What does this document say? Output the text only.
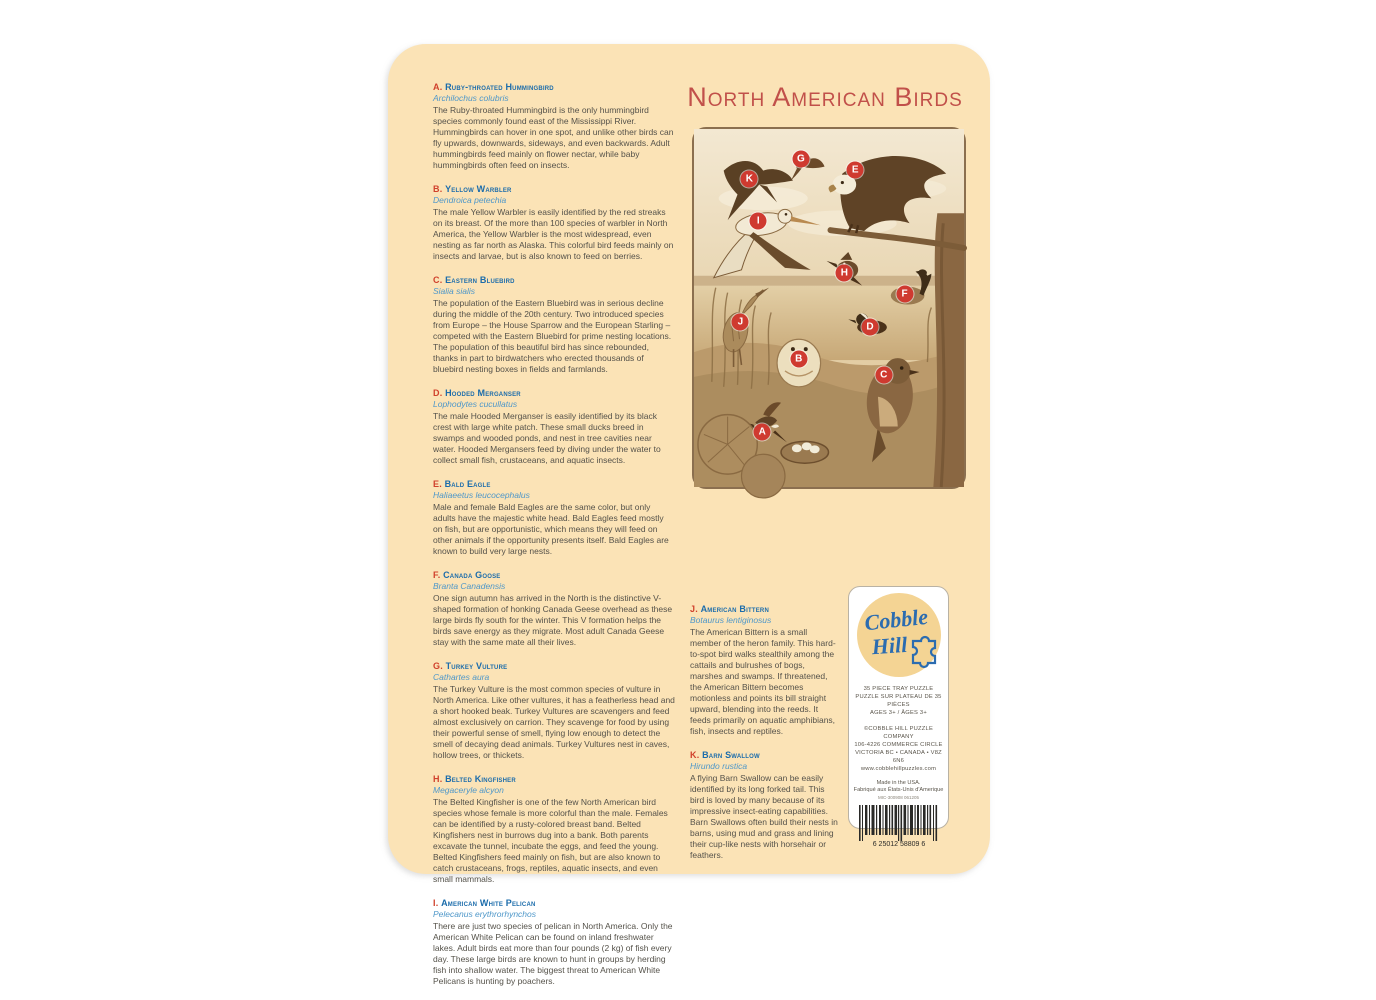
A. Ruby-throated Hummingbird
Archilochus colubris
The Ruby-throated Hummingbird is the only hummingbird species commonly found east of the Mississippi River. Hummingbirds can hover in one spot, and unlike other birds can fly upwards, downwards, sideways, and even backwards. Adult hummingbirds feed mainly on flower nectar, while baby hummingbirds often feed on insects.
B. Yellow Warbler
Dendroica petechia
The male Yellow Warbler is easily identified by the red streaks on its breast. Of the more than 100 species of warbler in North America, the Yellow Warbler is the most widespread, even nesting as far north as Alaska. This colorful bird feeds mainly on insects and larvae, but is also known to feed on berries.
C. Eastern Bluebird
Sialia sialis
The population of the Eastern Bluebird was in serious decline during the middle of the 20th century. Two introduced species from Europe – the House Sparrow and the European Starling – competed with the Eastern Bluebird for prime nesting locations. The population of this beautiful bird has since rebounded, thanks in part to birdwatchers who erected thousands of bluebird nesting boxes in fields and farmlands.
D. Hooded Merganser
Lophodytes cucullatus
The male Hooded Merganser is easily identified by its black crest with large white patch. These small ducks breed in swamps and wooded ponds, and nest in tree cavities near water. Hooded Mergansers feed by diving under the water to collect small fish, crustaceans, and aquatic insects.
E. Bald Eagle
Haliaeetus leucocephalus
Male and female Bald Eagles are the same color, but only adults have the majestic white head. Bald Eagles feed mostly on fish, but are opportunistic, which means they will feed on other animals if the opportunity presents itself. Bald Eagles are known to build very large nests.
F. Canada Goose
Branta Canadensis
One sign autumn has arrived in the North is the distinctive V-shaped formation of honking Canada Geese overhead as these large birds fly south for the winter. This V formation helps the birds save energy as they migrate. Most adult Canada Geese stay with the same mate all their lives.
G. Turkey Vulture
Cathartes aura
The Turkey Vulture is the most common species of vulture in North America. Like other vultures, it has a featherless head and a short hooked beak. Turkey Vultures are scavengers and feed almost exclusively on carrion. They scavenge for food by using their powerful sense of smell, flying low enough to detect the smell of decaying dead animals. Turkey Vultures nest in caves, hollow trees, or thickets.
H. Belted Kingfisher
Megaceryle alcyon
The Belted Kingfisher is one of the few North American bird species whose female is more colorful than the male. Females can be identified by a rusty-colored breast band. Belted Kingfishers nest in burrows dug into a bank. Both parents excavate the tunnel, incubate the eggs, and feed the young. Belted Kingfishers feed mainly on fish, but are also known to catch crustaceans, frogs, reptiles, aquatic insects, and even small mammals.
I. American White Pelican
Pelecanus erythrorhynchos
There are just two species of pelican in North America. Only the American White Pelican can be found on inland freshwater lakes. Adult birds eat more than four pounds (2 kg) of fish every day. These large birds are known to hunt in groups by herding fish into shallow water. The biggest threat to American White Pelicans is hunting by poachers.
North American Birds
K
G
E
I
H
F
J	D
B
C
A
J. American Bittern
Botaurus lentiginosus
The American Bittern is a small member of the heron family. This hard-to-spot bird walks stealthily among the cattails and bulrushes of bogs, marshes and swamps. If threatened, the American Bittern becomes motionless and points its bill straight upward, blending into the reeds. It feeds primarily on aquatic amphibians, fish, insects and reptiles.
K. Barn Swallow
Hirundo rustica
A flying Barn Swallow can be easily identified by its long forked tail. This bird is loved by many because of its impressive insect-eating capabilities. Barn Swallows often build their nests in barns, using mud and grass and lining their cup-like nests with horsehair or feathers.
Cobble
Hill
35 PIECE TRAY PUZZLE
PUZZLE SUR PLATEAU DE 35 PIÈCES
AGES 3+ / ÂGES 3+
©COBBLE HILL PUZZLE COMPANY
106-4226 COMMERCE CIRCLE
VICTORIA BC • CANADA • V8Z 6N6
www.cobblehillpuzzles.com
Made in the USA.
Fabriqué aux États-Unis d'Amerique
MIC-300908 061205
6 25012 58809 6
